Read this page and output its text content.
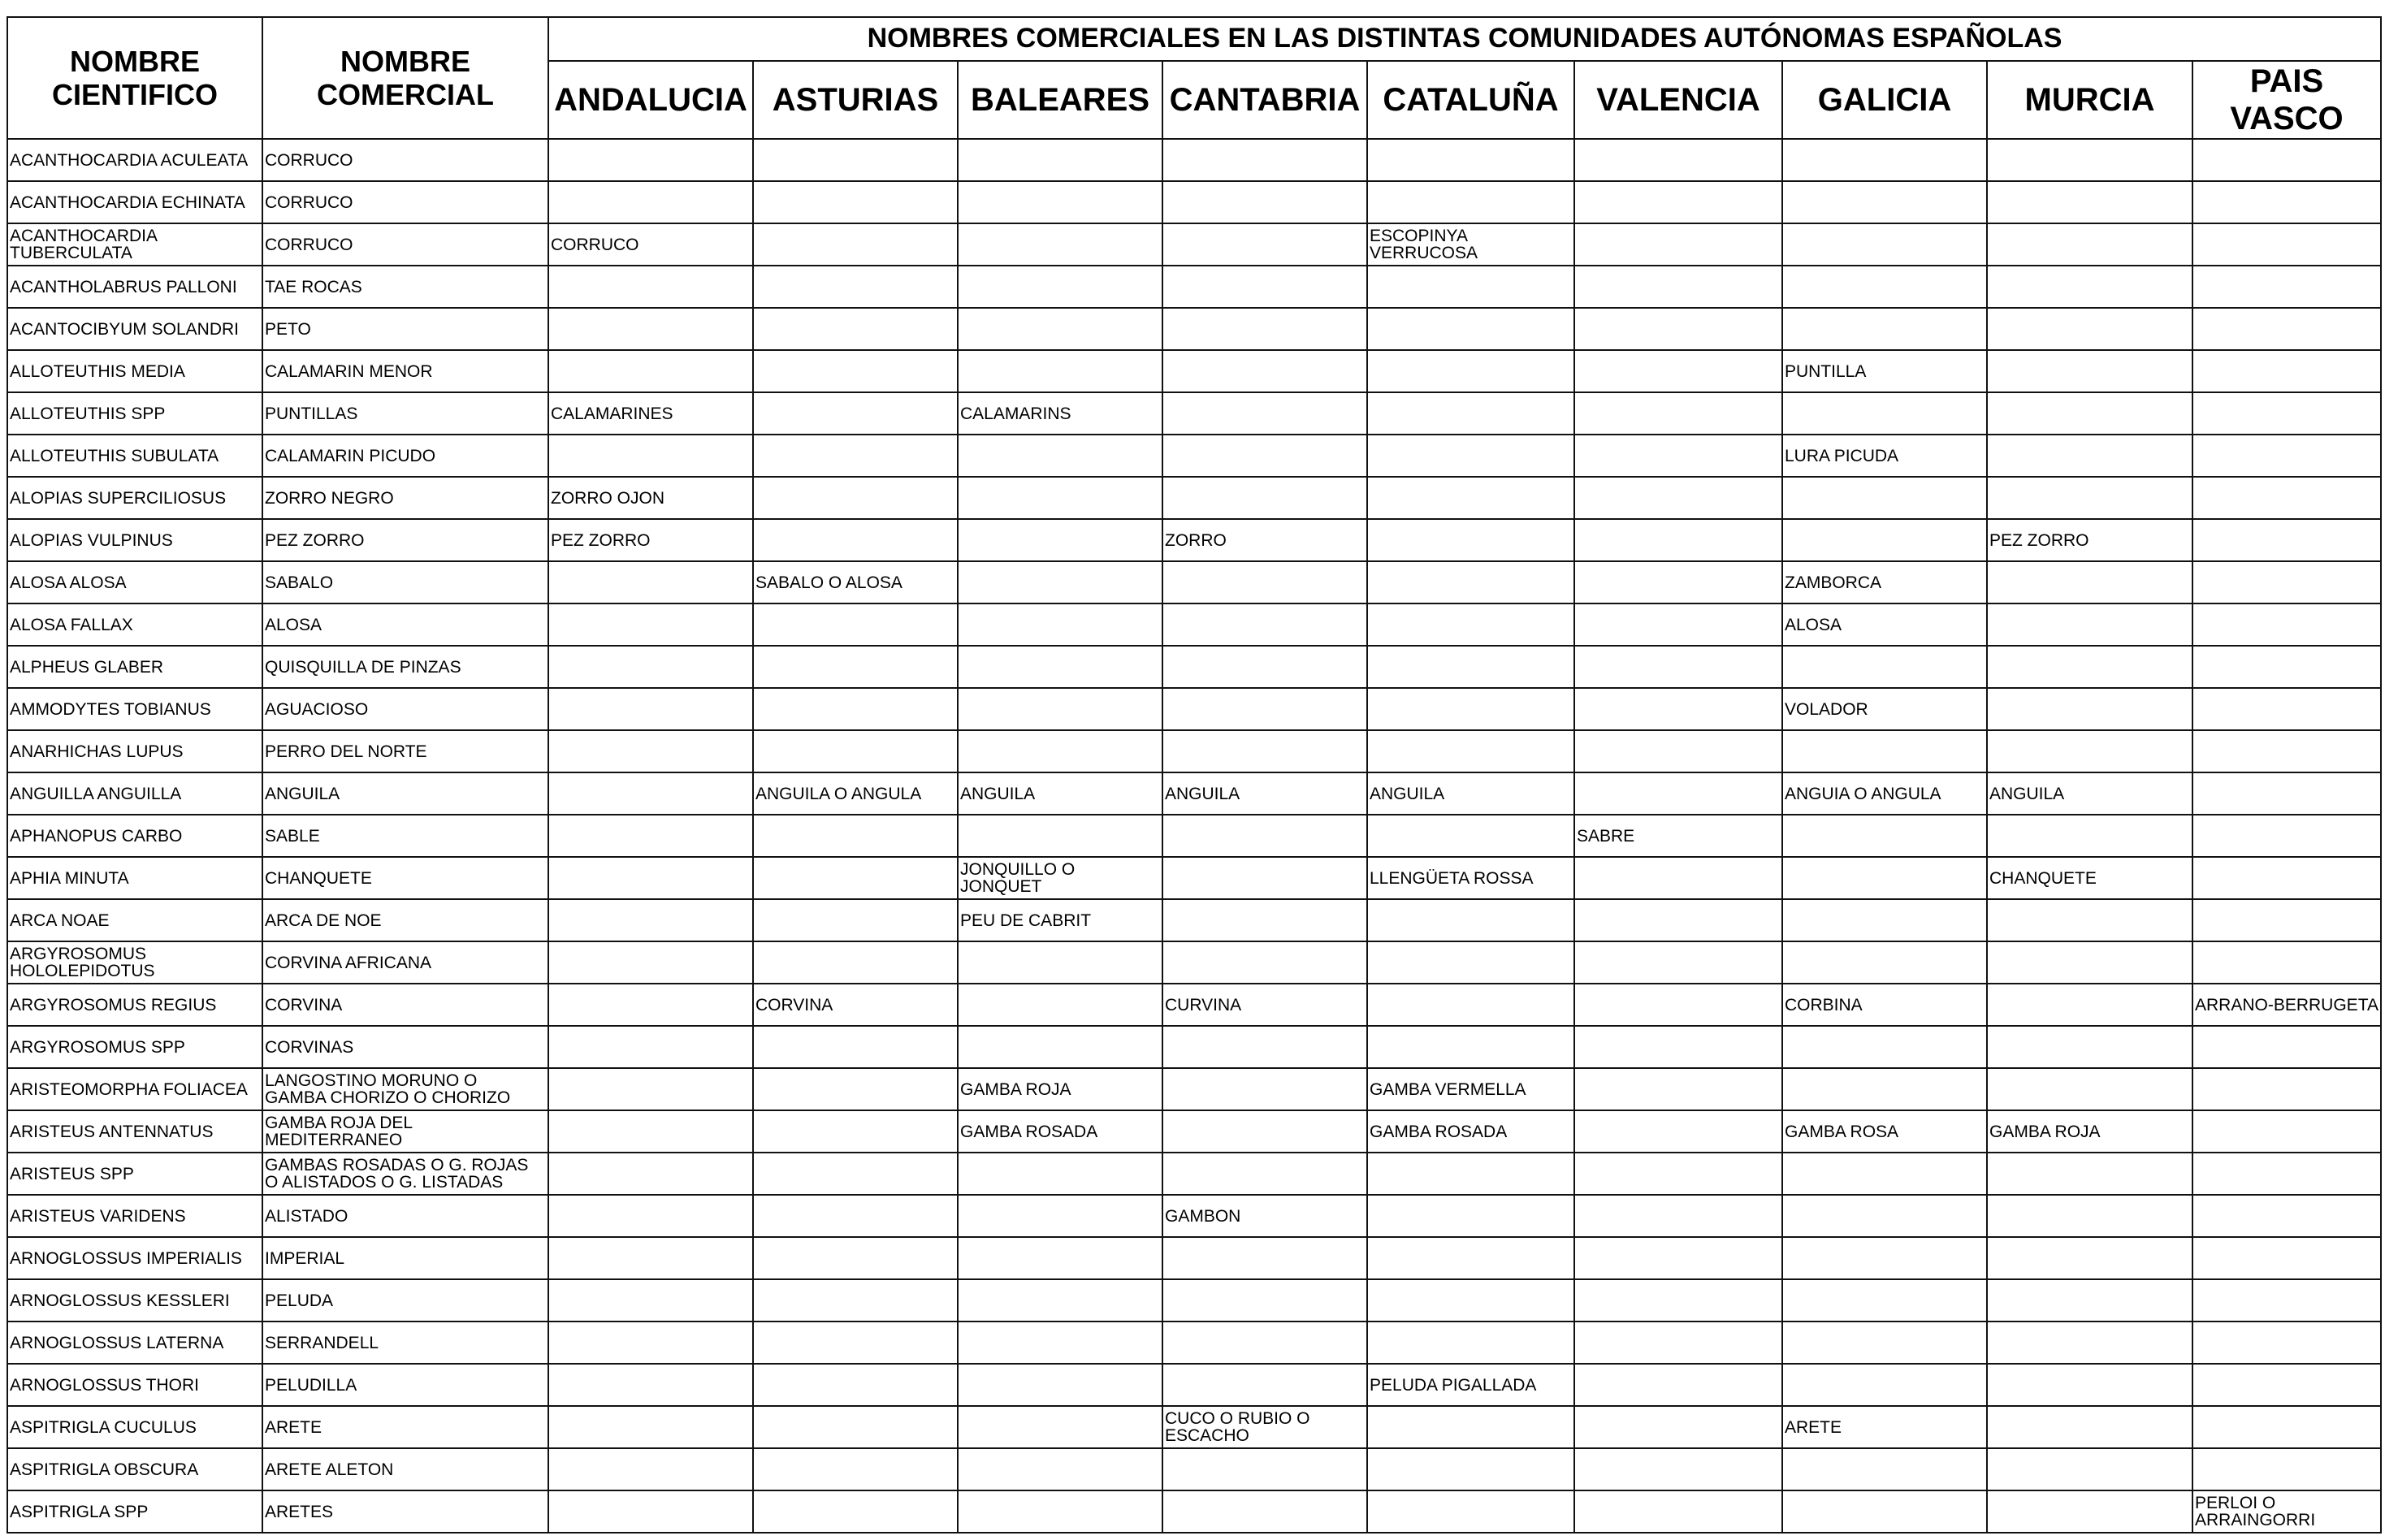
NOMBRE
CIENTIFICO	NOMBRE
COMERCIAL	NOMBRES COMERCIALES EN LAS DISTINTAS COMUNIDADES AUTÓNOMAS ESPAÑOLAS								

		ANDALUCIA	ASTURIAS	BALEARES	CANTABRIA	CATALUÑA	VALENCIA	GALICIA	MURCIA	PAIS
VASCO

ACANTHOCARDIA ACULEATA	CORRUCO									

ACANTHOCARDIA ECHINATA	CORRUCO									

ACANTHOCARDIA
TUBERCULATA	CORRUCO	CORRUCO				ESCOPINYA
VERRUCOSA				

ACANTHOLABRUS PALLONI	TAE ROCAS									

ACANTOCIBYUM SOLANDRI	PETO									

ALLOTEUTHIS MEDIA	CALAMARIN MENOR							PUNTILLA		

ALLOTEUTHIS SPP	PUNTILLAS	CALAMARINES		CALAMARINS						

ALLOTEUTHIS SUBULATA	CALAMARIN PICUDO							LURA PICUDA		

ALOPIAS SUPERCILIOSUS	ZORRO NEGRO	ZORRO OJON								

ALOPIAS VULPINUS	PEZ ZORRO	PEZ ZORRO			ZORRO				PEZ ZORRO	

ALOSA ALOSA	SABALO		SABALO O ALOSA					ZAMBORCA		

ALOSA FALLAX	ALOSA							ALOSA		

ALPHEUS GLABER	QUISQUILLA DE PINZAS									

AMMODYTES TOBIANUS	AGUACIOSO							VOLADOR		

ANARHICHAS LUPUS	PERRO DEL NORTE									

ANGUILLA ANGUILLA	ANGUILA		ANGUILA O ANGULA	ANGUILA	ANGUILA	ANGUILA		ANGUIA O ANGULA	ANGUILA	

APHANOPUS CARBO	SABLE						SABRE			

APHIA MINUTA	CHANQUETE			JONQUILLO O
JONQUET		LLENGÜETA ROSSA			CHANQUETE	

ARCA NOAE	ARCA DE NOE			PEU DE CABRIT						

ARGYROSOMUS
HOLOLEPIDOTUS	CORVINA AFRICANA									

ARGYROSOMUS REGIUS	CORVINA		CORVINA		CURVINA			CORBINA		ARRANO-BERRUGETA

ARGYROSOMUS SPP	CORVINAS									

ARISTEOMORPHA FOLIACEA	LANGOSTINO MORUNO O
GAMBA CHORIZO O CHORIZO			GAMBA ROJA		GAMBA VERMELLA				

ARISTEUS ANTENNATUS	GAMBA ROJA DEL
MEDITERRANEO			GAMBA ROSADA		GAMBA ROSADA		GAMBA ROSA	GAMBA ROJA	

ARISTEUS SPP	GAMBAS ROSADAS O G. ROJAS
O ALISTADOS O G. LISTADAS									

ARISTEUS VARIDENS	ALISTADO				GAMBON					

ARNOGLOSSUS IMPERIALIS	IMPERIAL									

ARNOGLOSSUS KESSLERI	PELUDA									

ARNOGLOSSUS LATERNA	SERRANDELL									

ARNOGLOSSUS THORI	PELUDILLA					PELUDA PIGALLADA				

ASPITRIGLA CUCULUS	ARETE				CUCO O RUBIO O
ESCACHO			ARETE		

ASPITRIGLA OBSCURA	ARETE ALETON									

ASPITRIGLA SPP	ARETES									PERLOI O
ARRAINGORRI
